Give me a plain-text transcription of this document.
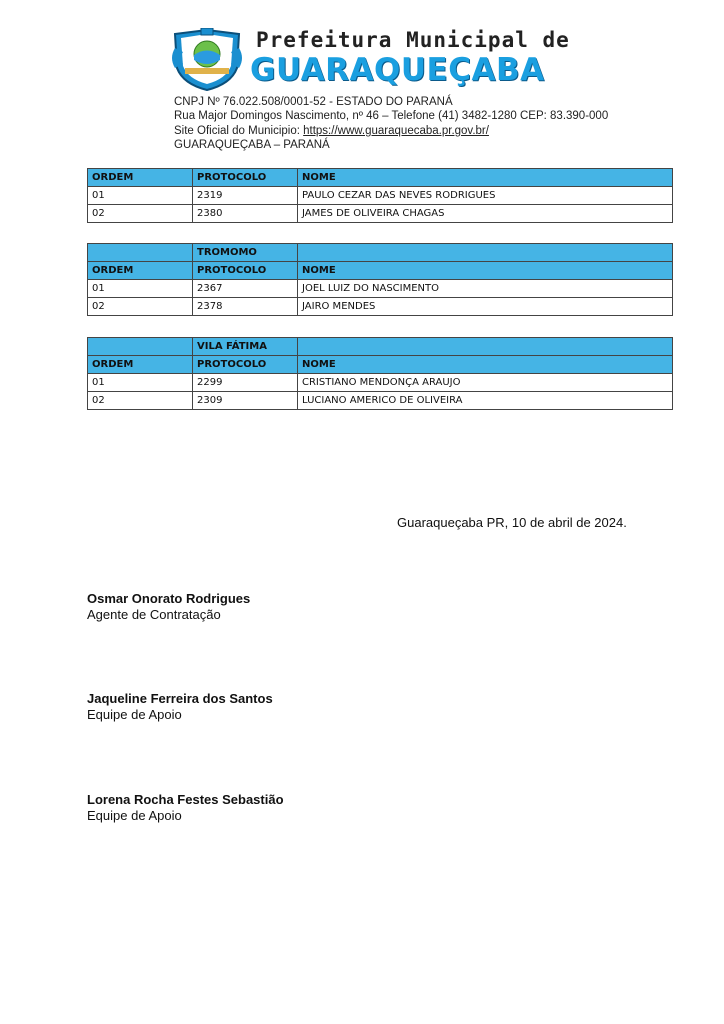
Prefeitura Municipal de
GUARAQUEÇABA
CNPJ Nº 76.022.508/0001-52 - ESTADO DO PARANÁ
Rua Major Domingos Nascimento, nº 46 – Telefone (41) 3482-1280 CEP: 83.390-000
Site Oficial do Municipio: https://www.guaraquecaba.pr.gov.br/
GUARAQUEÇABA – PARANÁ
ORDEM	PROTOCOLO	NOME
01	2319	PAULO CEZAR DAS NEVES RODRIGUES
02	2380	JAMES DE OLIVEIRA CHAGAS
	TROMOMO	
ORDEM	PROTOCOLO	NOME
01	2367	JOEL LUIZ DO NASCIMENTO
02	2378	JAIRO MENDES
	VILA FÁTIMA	
ORDEM	PROTOCOLO	NOME
01	2299	CRISTIANO MENDONÇA ARAUJO
02	2309	LUCIANO AMERICO DE OLIVEIRA
Guaraqueçaba PR, 10 de abril de 2024.
Osmar Onorato Rodrigues
Agente de Contratação
Jaqueline Ferreira dos Santos
Equipe de Apoio
Lorena Rocha Festes Sebastião
Equipe de Apoio
